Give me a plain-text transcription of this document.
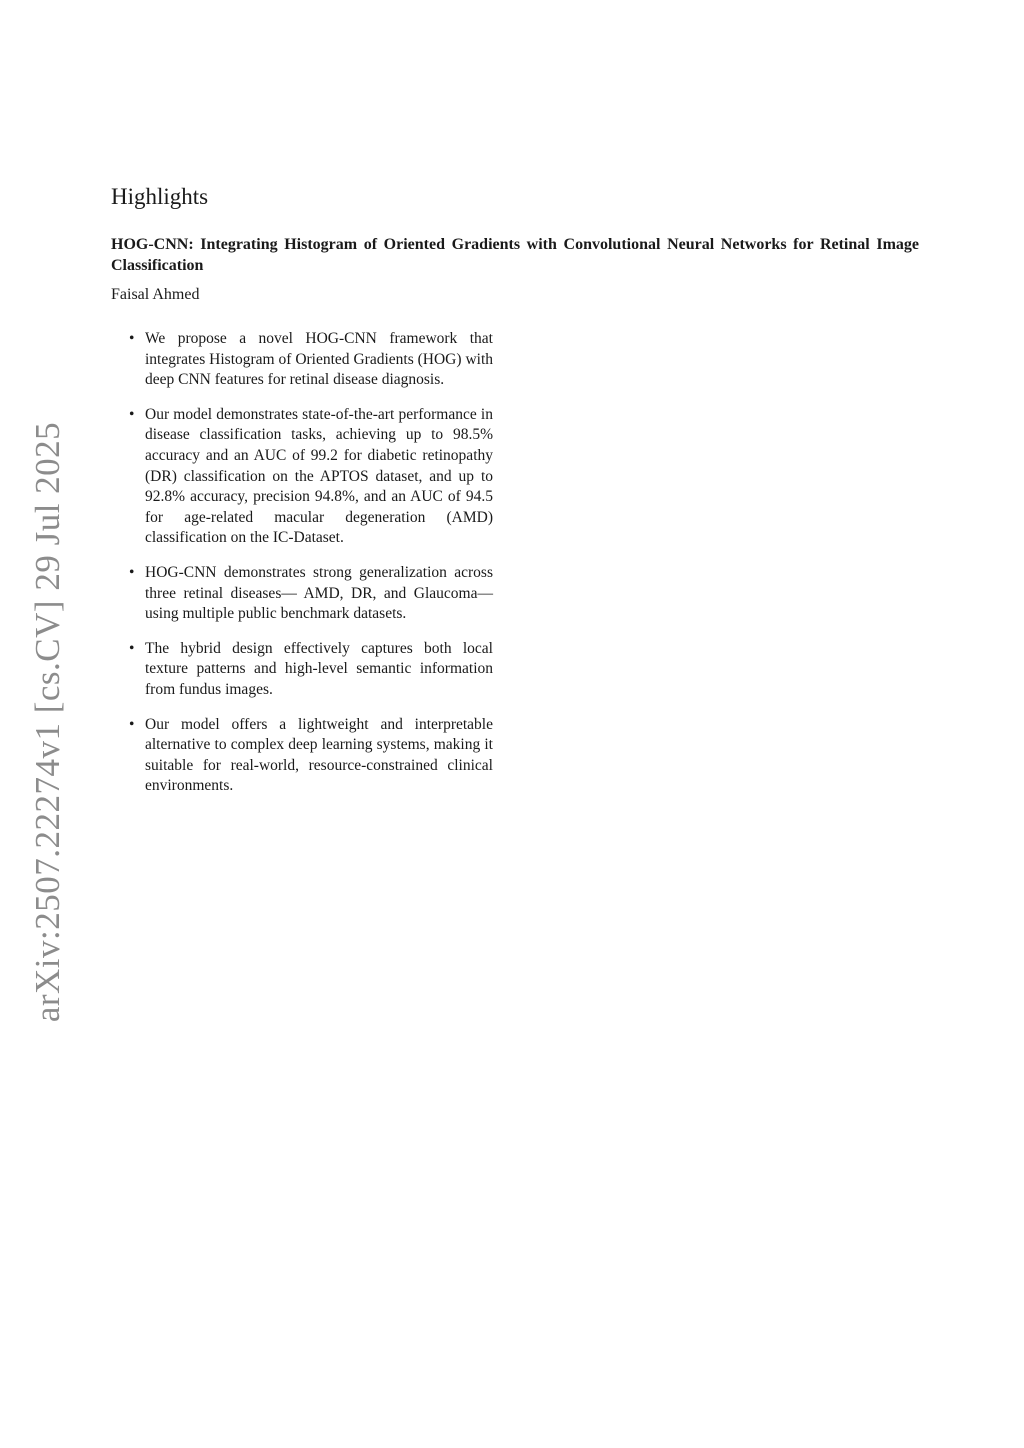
arXiv:2507.22274v1 [cs.CV] 29 Jul 2025
Highlights

HOG-CNN: Integrating Histogram of Oriented Gradients with Convolutional Neural Networks for Retinal Image Classification

Faisal Ahmed

• We propose a novel HOG-CNN framework that integrates Histogram of Oriented Gradients (HOG) with deep CNN features for retinal disease diagnosis.
• Our model demonstrates state-of-the-art performance in disease classification tasks, achieving up to 98.5% accuracy and an AUC of 99.2 for diabetic retinopathy (DR) classification on the APTOS dataset, and up to 92.8% accuracy, precision 94.8%, and an AUC of 94.5 for age-related macular degeneration (AMD) classification on the IC-Dataset.
• HOG-CNN demonstrates strong generalization across three retinal diseases— AMD, DR, and Glaucoma—using multiple public benchmark datasets.
• The hybrid design effectively captures both local texture patterns and high-level semantic information from fundus images.
• Our model offers a lightweight and interpretable alternative to complex deep learning systems, making it suitable for real-world, resource-constrained clinical environments.
